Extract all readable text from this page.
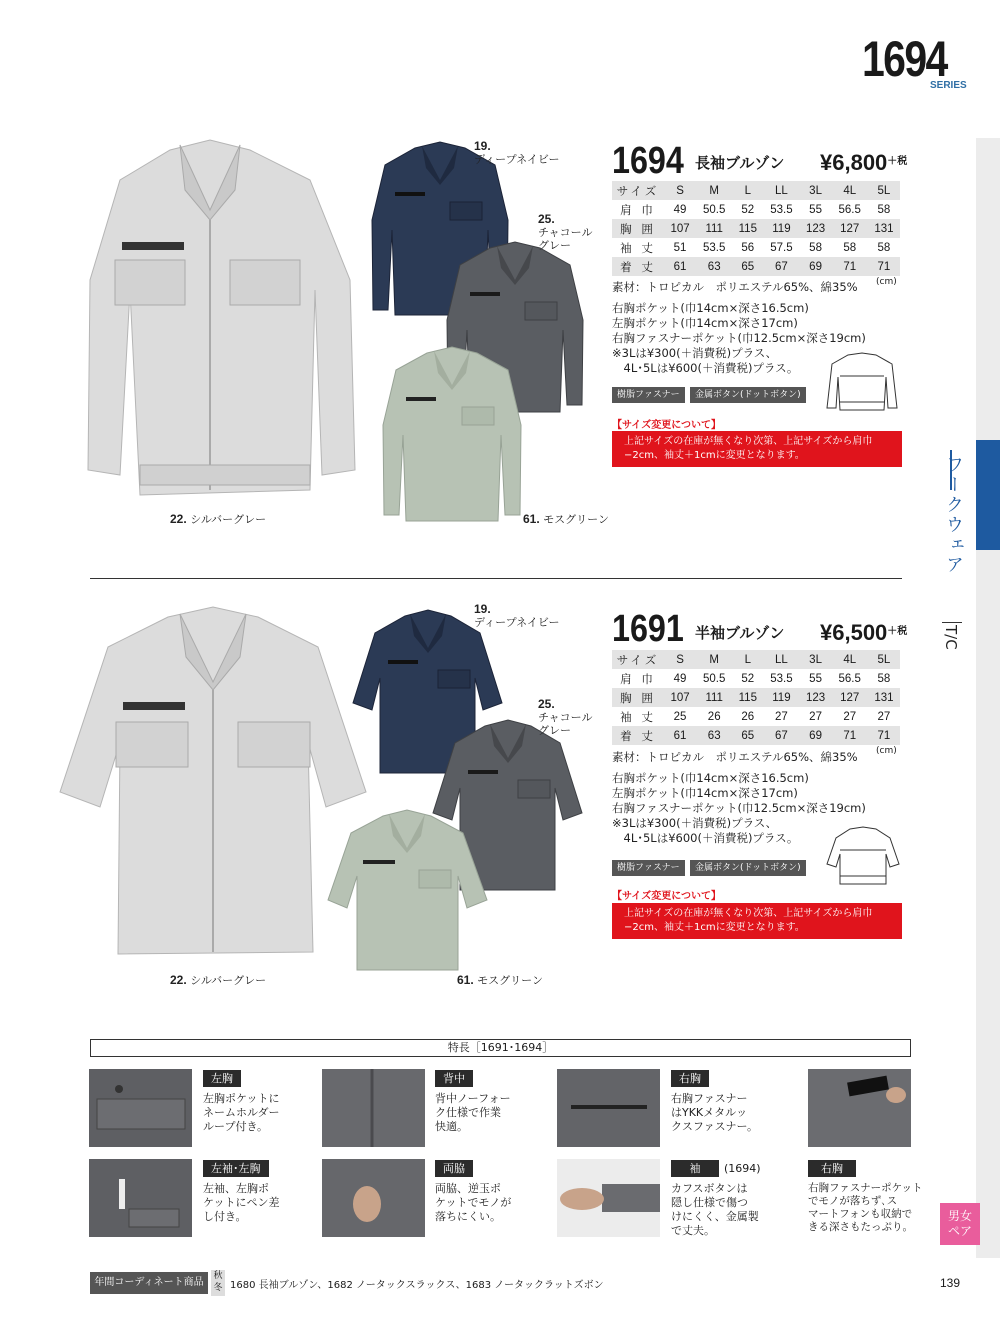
1694
SERIES
ワークウェア
T/C
男女ペア
19.
ディープネイビー
25.
チャコール
グレー
22. シルバーグレー	61. モスグリーン
1694 長袖ブルゾン $¥6,800^{+税}$
サイズ	S	M	L	LL	3L	4L	5L
肩 巾	49	50.5	52	53.5	55	56.5	58
胸 囲	107	111	115	119	123	127	131
袖 丈	51	53.5	56	57.5	58	58	58
着 丈	61	63	65	67	69	71	71
(cm)
素材：トロピカル　ポリエステル65%、綿35%
右胸ポケット(巾14cm×深さ16.5cm)
左胸ポケット(巾14cm×深さ17cm)
右胸ファスナーポケット(巾12.5cm×深さ19cm)
※3Lは¥300(＋消費税)プラス、
　4L･5Lは¥600(＋消費税)プラス。
樹脂ファスナー	金属ボタン(ドットボタン)
【サイズ変更について】
上記サイズの在庫が無くなり次第、上記サイズから肩巾−2cm、袖丈＋1cmに変更となります。
19.
ディープネイビー
25.
チャコール
グレー
22. シルバーグレー	61. モスグリーン
1691 半袖ブルゾン $¥6,500^{+税}$
サイズ	S	M	L	LL	3L	4L	5L
肩 巾	49	50.5	52	53.5	55	56.5	58
胸 囲	107	111	115	119	123	127	131
袖 丈	25	26	26	27	27	27	27
着 丈	61	63	65	67	69	71	71
(cm)
素材：トロピカル　ポリエステル65%、綿35%
右胸ポケット(巾14cm×深さ16.5cm)
左胸ポケット(巾14cm×深さ17cm)
右胸ファスナーポケット(巾12.5cm×深さ19cm)
※3Lは¥300(＋消費税)プラス、
　4L･5Lは¥600(＋消費税)プラス。
樹脂ファスナー	金属ボタン(ドットボタン)
【サイズ変更について】
上記サイズの在庫が無くなり次第、上記サイズから肩巾−2cm、袖丈＋1cmに変更となります。
特長［1691･1694］
左胸
左胸ポケットに
ネームホルダー
ループ付き。
背中
背中ノーフォー
ク仕様で作業
快適。
右胸
右胸ファスナー
はYKKメタルッ
クスファスナー。
左袖･左胸
左袖、左胸ポ
ケットにペン差
し付き。
両脇
両脇、逆玉ポ
ケットでモノが
落ちにくい。
袖	(1694)
カフスボタンは
隠し仕様で傷つ
けにくく、金属製
で丈夫。
右胸
右胸ファスナーポケット
でモノが落ちず､ス
マートフォンも収納で
きる深さもたっぷり。
年間コーディネート商品
秋
冬 1680 長袖ブルゾン、1682 ノータックスラックス、1683 ノータックラットズボン	139
